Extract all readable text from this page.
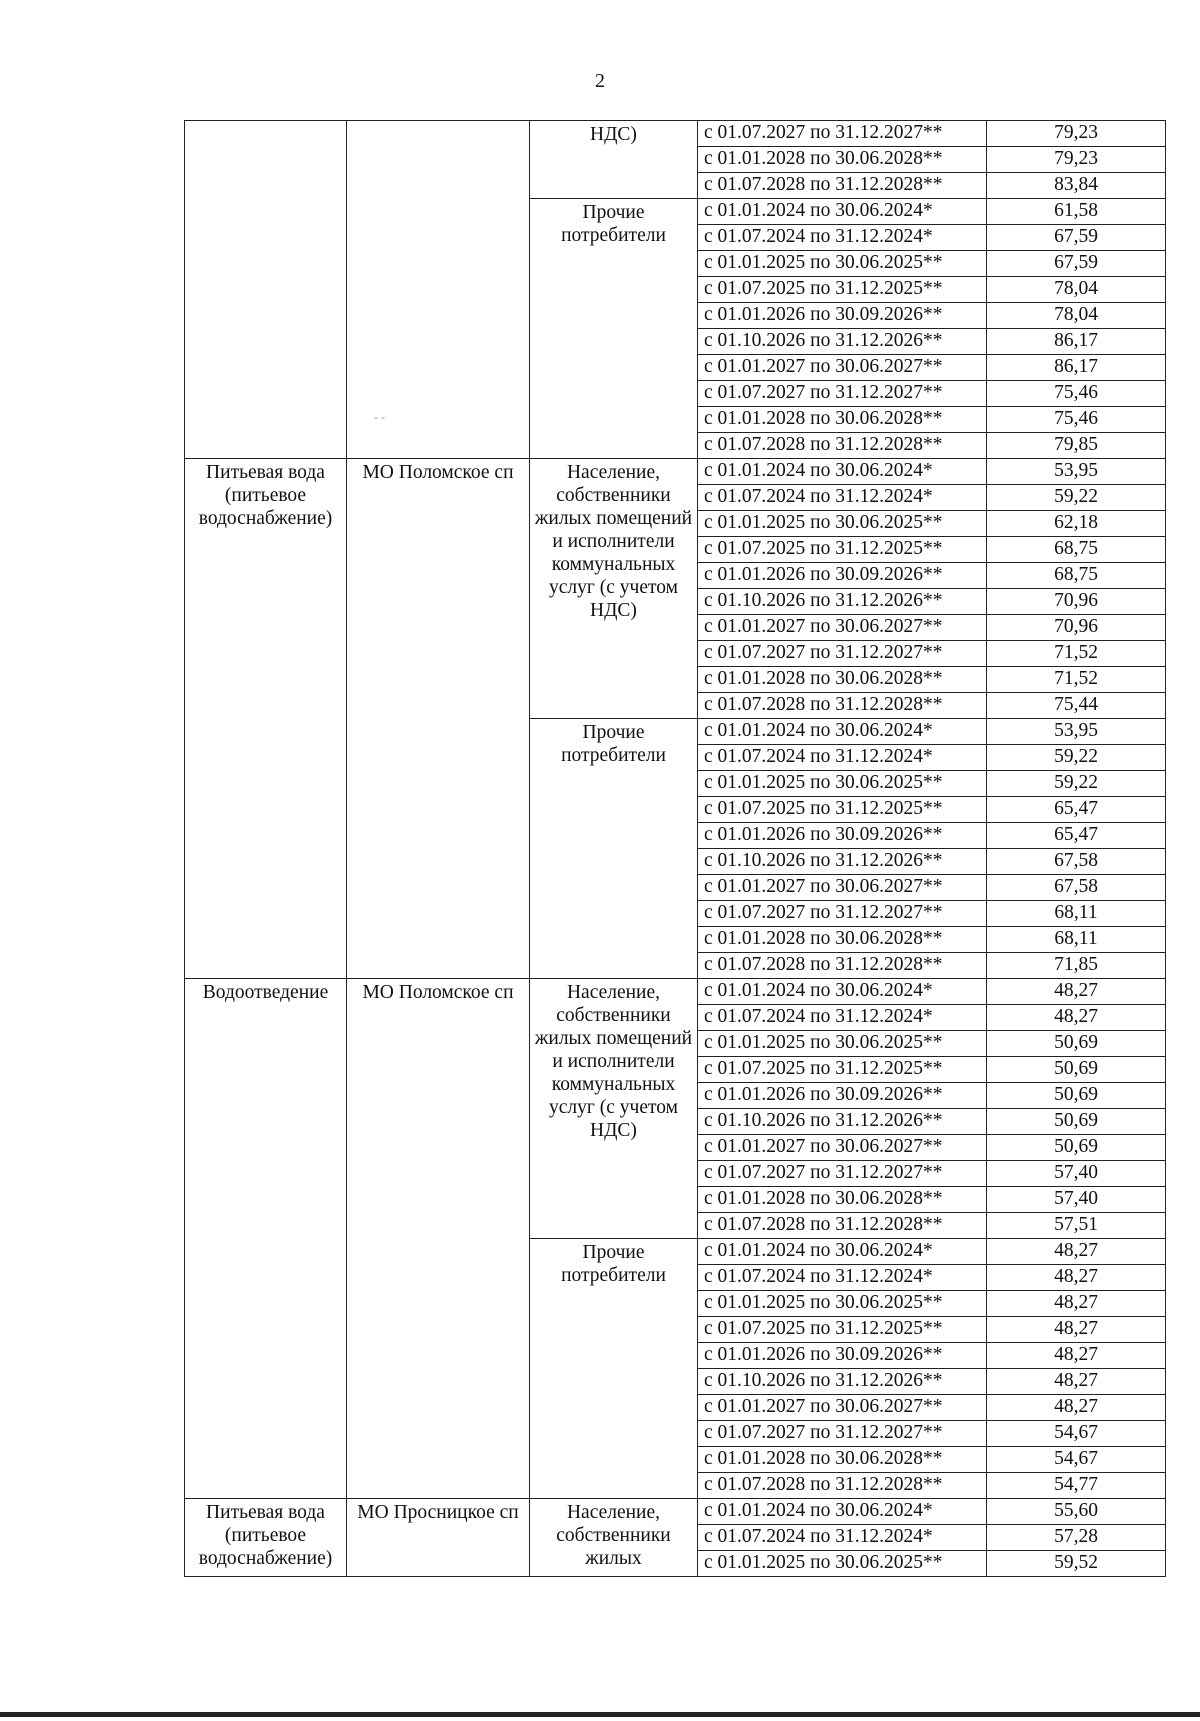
2
- -
		НДС)	с 01.07.2027 по 31.12.2027**	79,23
			с 01.01.2028 по 30.06.2028**	79,23
			с 01.07.2028 по 31.12.2028**	83,84
		Прочие потребители	с 01.01.2024 по 30.06.2024*	61,58
			с 01.07.2024 по 31.12.2024*	67,59
			с 01.01.2025 по 30.06.2025**	67,59
			с 01.07.2025 по 31.12.2025**	78,04
			с 01.01.2026 по 30.09.2026**	78,04
			с 01.10.2026 по 31.12.2026**	86,17
			с 01.01.2027 по 30.06.2027**	86,17
			с 01.07.2027 по 31.12.2027**	75,46
			с 01.01.2028 по 30.06.2028**	75,46
			с 01.07.2028 по 31.12.2028**	79,85
Питьевая вода (питьевое водоснабжение)	МО Поломское сп	Население, собственники жилых помещений и исполнители коммунальных услуг (с учетом НДС)	с 01.01.2024 по 30.06.2024*	53,95
			с 01.07.2024 по 31.12.2024*	59,22
			с 01.01.2025 по 30.06.2025**	62,18
			с 01.07.2025 по 31.12.2025**	68,75
			с 01.01.2026 по 30.09.2026**	68,75
			с 01.10.2026 по 31.12.2026**	70,96
			с 01.01.2027 по 30.06.2027**	70,96
			с 01.07.2027 по 31.12.2027**	71,52
			с 01.01.2028 по 30.06.2028**	71,52
			с 01.07.2028 по 31.12.2028**	75,44
		Прочие потребители	с 01.01.2024 по 30.06.2024*	53,95
			с 01.07.2024 по 31.12.2024*	59,22
			с 01.01.2025 по 30.06.2025**	59,22
			с 01.07.2025 по 31.12.2025**	65,47
			с 01.01.2026 по 30.09.2026**	65,47
			с 01.10.2026 по 31.12.2026**	67,58
			с 01.01.2027 по 30.06.2027**	67,58
			с 01.07.2027 по 31.12.2027**	68,11
			с 01.01.2028 по 30.06.2028**	68,11
			с 01.07.2028 по 31.12.2028**	71,85
Водоотведение	МО Поломское сп	Население, собственники жилых помещений и исполнители коммунальных услуг (с учетом НДС)	с 01.01.2024 по 30.06.2024*	48,27
			с 01.07.2024 по 31.12.2024*	48,27
			с 01.01.2025 по 30.06.2025**	50,69
			с 01.07.2025 по 31.12.2025**	50,69
			с 01.01.2026 по 30.09.2026**	50,69
			с 01.10.2026 по 31.12.2026**	50,69
			с 01.01.2027 по 30.06.2027**	50,69
			с 01.07.2027 по 31.12.2027**	57,40
			с 01.01.2028 по 30.06.2028**	57,40
			с 01.07.2028 по 31.12.2028**	57,51
		Прочие потребители	с 01.01.2024 по 30.06.2024*	48,27
			с 01.07.2024 по 31.12.2024*	48,27
			с 01.01.2025 по 30.06.2025**	48,27
			с 01.07.2025 по 31.12.2025**	48,27
			с 01.01.2026 по 30.09.2026**	48,27
			с 01.10.2026 по 31.12.2026**	48,27
			с 01.01.2027 по 30.06.2027**	48,27
			с 01.07.2027 по 31.12.2027**	54,67
			с 01.01.2028 по 30.06.2028**	54,67
			с 01.07.2028 по 31.12.2028**	54,77
Питьевая вода (питьевое водоснабжение)	МО Просницкое сп	Население, собственники жилых	с 01.01.2024 по 30.06.2024*	55,60
			с 01.07.2024 по 31.12.2024*	57,28
			с 01.01.2025 по 30.06.2025**	59,52
